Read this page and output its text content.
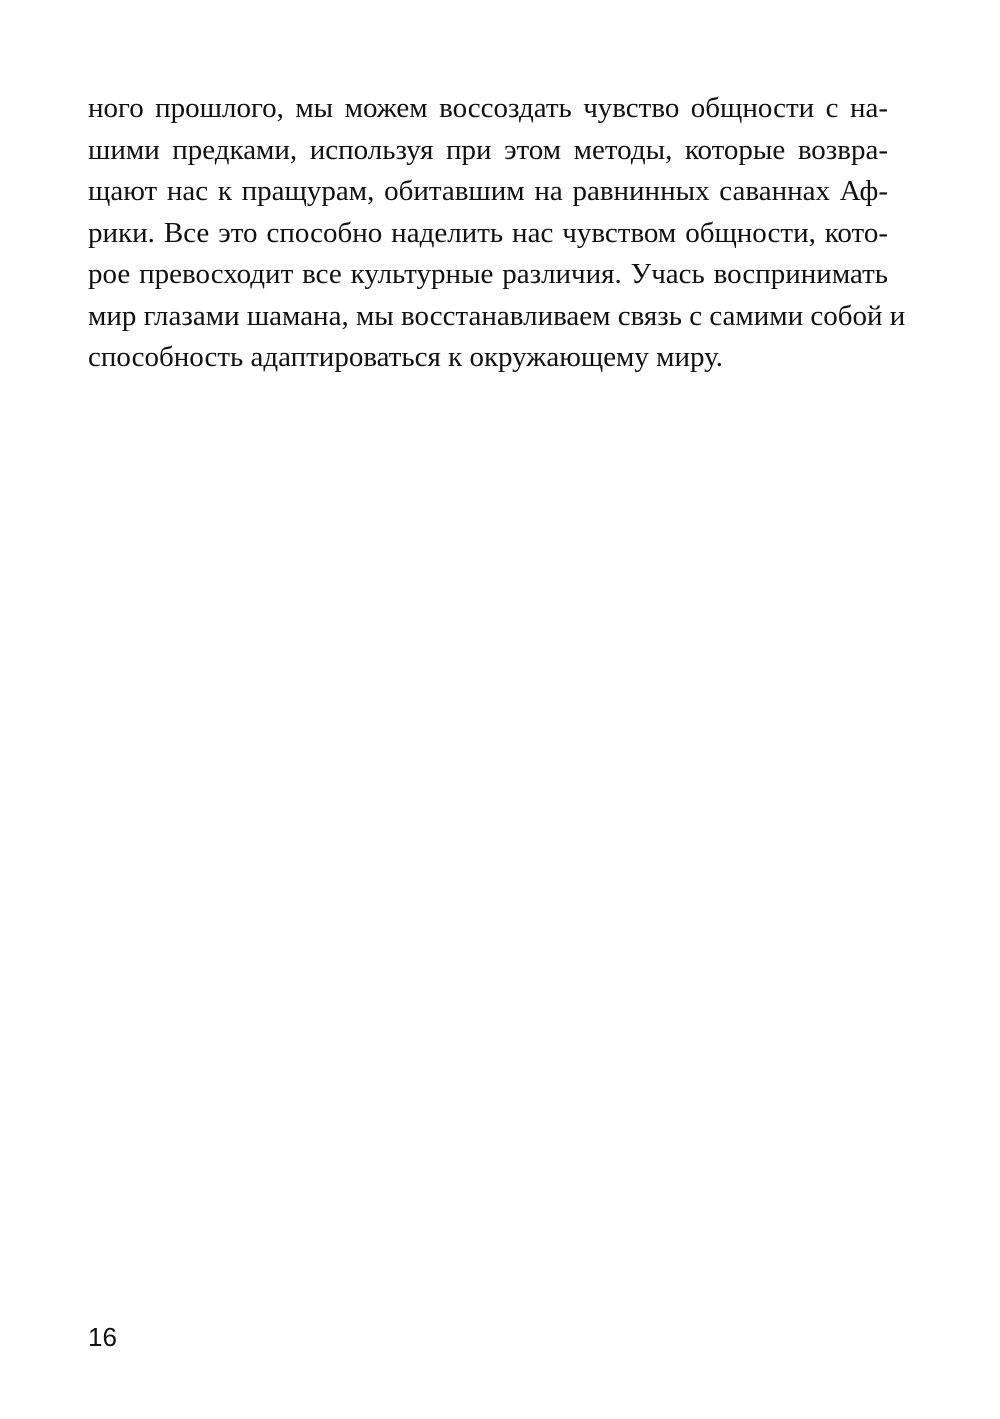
ного прошлого, мы можем воссоздать чувство общности с на-
шими предками, используя при этом методы, которые возвра-
щают нас к пращурам, обитавшим на равнинных саваннах Аф-
рики. Все это способно наделить нас чувством общности, кото-
рое превосходит все культурные различия. Учась воспринимать
мир глазами шамана, мы восстанавливаем связь с самими собой и
способность адаптироваться к окружающему миру.

16
